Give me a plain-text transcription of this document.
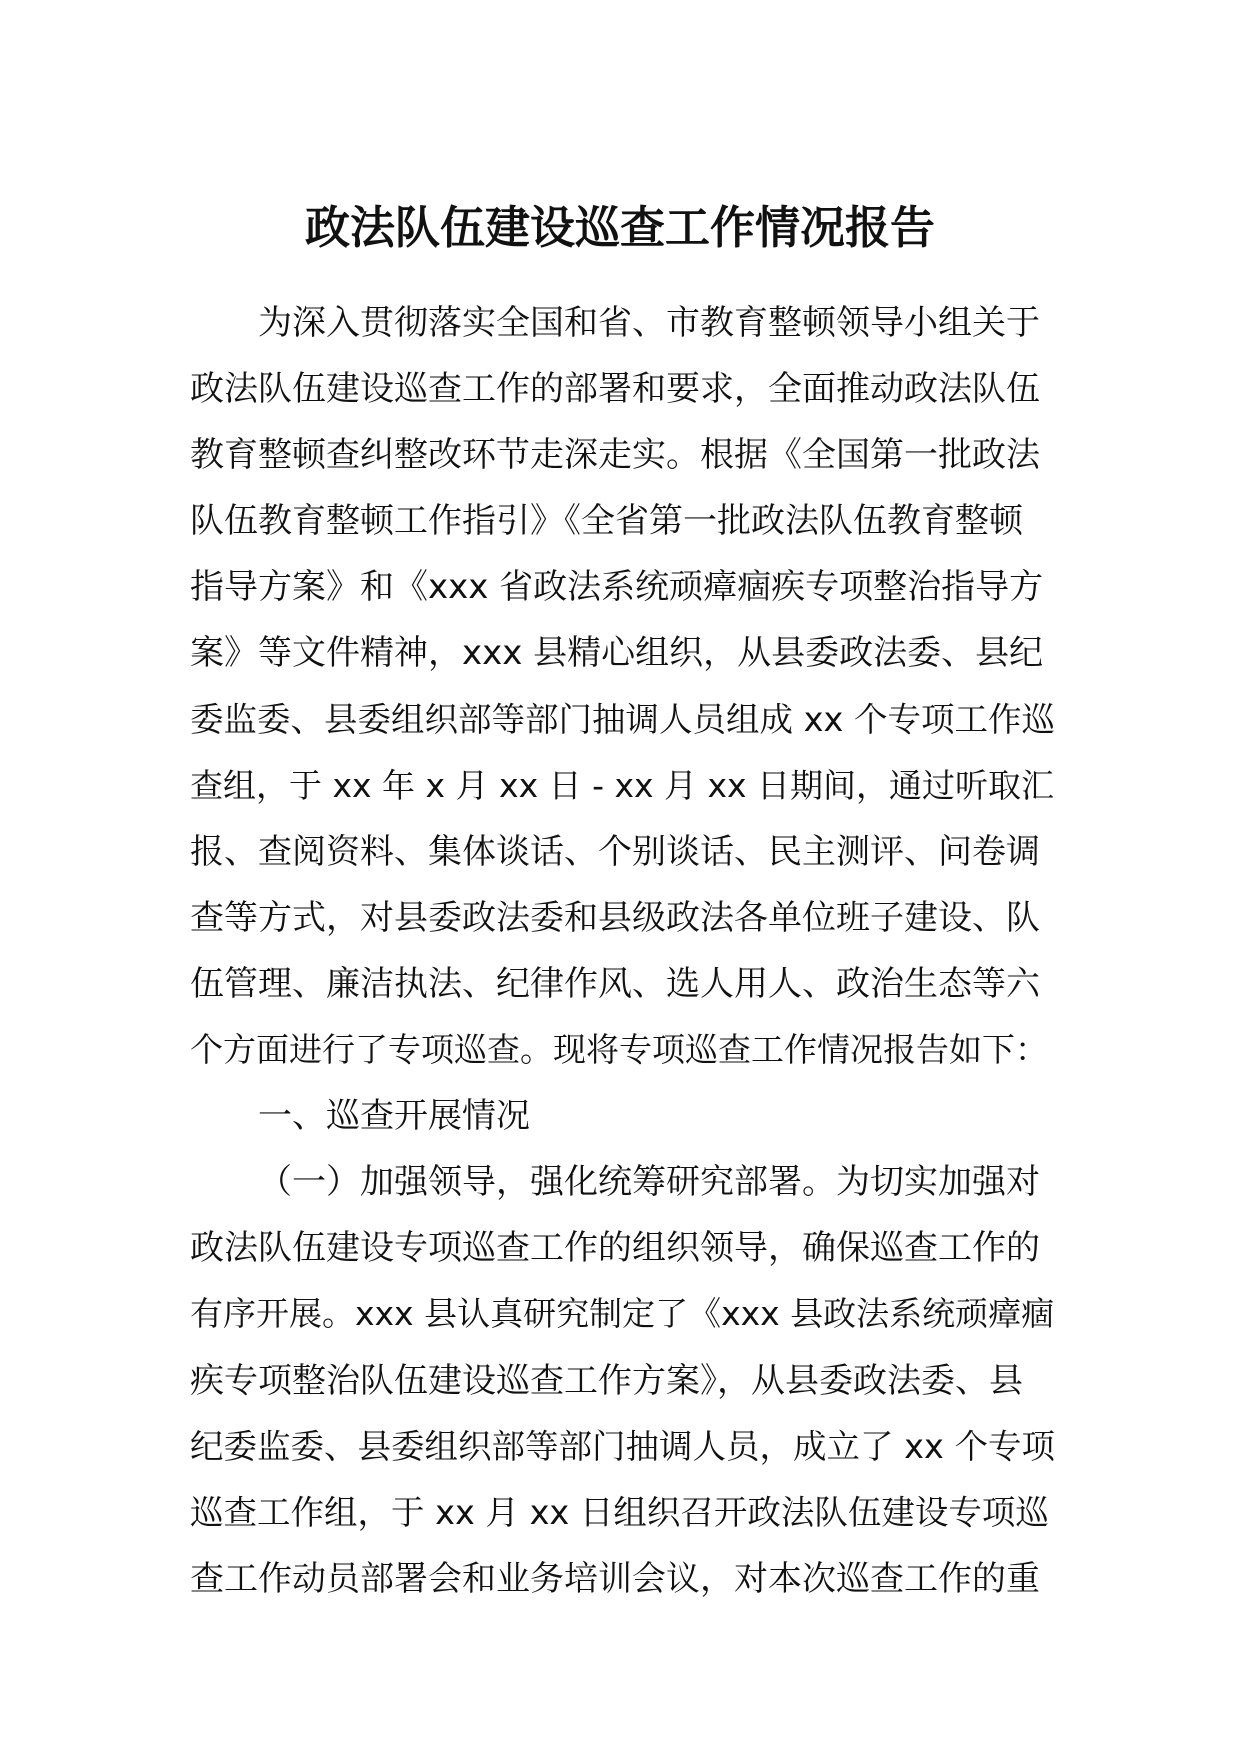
政法队伍建设巡查工作情况报告
为深入贯彻落实全国和省、市教育整顿领导小组关于
政法队伍建设巡查工作的部署和要求，全面推动政法队伍
教育整顿查纠整改环节走深走实。根据《全国第一批政法
队伍教育整顿工作指引》《全省第一批政法队伍教育整顿
指导方案》和《xxx 省政法系统顽瘴痼疾专项整治指导方
案》等文件精神，xxx 县精心组织，从县委政法委、县纪
委监委、县委组织部等部门抽调人员组成 xx 个专项工作巡
查组，于 xx 年 x 月 xx 日 - xx 月 xx 日期间，通过听取汇
报、查阅资料、集体谈话、个别谈话、民主测评、问卷调
查等方式，对县委政法委和县级政法各单位班子建设、队
伍管理、廉洁执法、纪律作风、选人用人、政治生态等六
个方面进行了专项巡查。现将专项巡查工作情况报告如下：
一、巡查开展情况
（一）加强领导，强化统筹研究部署。为切实加强对
政法队伍建设专项巡查工作的组织领导，确保巡查工作的
有序开展。xxx 县认真研究制定了《xxx 县政法系统顽瘴痼
疾专项整治队伍建设巡查工作方案》，从县委政法委、县
纪委监委、县委组织部等部门抽调人员，成立了 xx 个专项
巡查工作组，于 xx 月 xx 日组织召开政法队伍建设专项巡
查工作动员部署会和业务培训会议，对本次巡查工作的重
